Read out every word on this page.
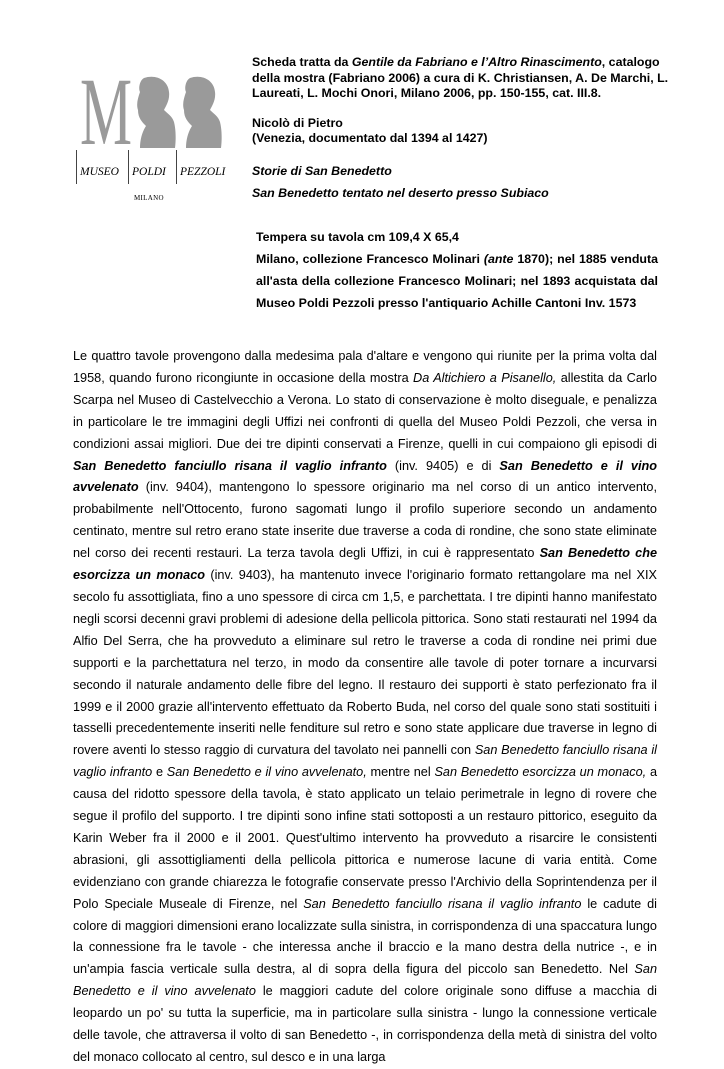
M
MUSEO POLDI PEZZOLI
MILANO

Scheda tratta da Gentile da Fabriano e l’Altro Rinascimento, catalogo della mostra (Fabriano 2006) a cura di K. Christiansen, A. De Marchi, L. Laureati, L. Mochi Onori, Milano 2006, pp. 150-155, cat. III.8.

Nicolò di Pietro

(Venezia, documentato dal 1394 al 1427)

Storie di San Benedetto

San Benedetto tentato nel deserto presso Subiaco

Tempera su tavola cm 109,4 X 65,4

Milano, collezione Francesco Molinari (ante 1870); nel 1885 venduta all'asta della collezione Francesco Molinari; nel 1893 acquistata dal Museo Poldi Pezzoli presso l'antiquario Achille Cantoni Inv. 1573

Le quattro tavole provengono dalla medesima pala d'altare e vengono qui riunite per la prima volta dal 1958, quando furono ricongiunte in occasione della mostra Da Altichiero a Pisanello, allestita da Carlo Scarpa nel Museo di Castelvecchio a Verona. Lo stato di conservazione è molto diseguale, e penalizza in particolare le tre immagini degli Uffizi nei confronti di quella del Museo Poldi Pezzoli, che versa in condizioni assai migliori. Due dei tre dipinti conservati a Firenze, quelli in cui compaiono gli episodi di San Benedetto fanciullo risana il vaglio infranto (inv. 9405) e di San Benedetto e il vino avvelenato (inv. 9404), mantengono lo spessore originario ma nel corso di un antico intervento, probabilmente nell'Ottocento, furono sagomati lungo il profilo superiore secondo un andamento centinato, mentre sul retro erano state inserite due traverse a coda di rondine, che sono state eliminate nel corso dei recenti restauri. La terza tavola degli Uffizi, in cui è rappresentato San Benedetto che esorcizza un monaco (inv. 9403), ha mantenuto invece l'originario formato rettangolare ma nel XIX secolo fu assottigliata, fino a uno spessore di circa cm 1,5, e parchettata. I tre dipinti hanno manifestato negli scorsi decenni gravi problemi di adesione della pellicola pittorica. Sono stati restaurati nel 1994 da Alfio Del Serra, che ha provveduto a eliminare sul retro le traverse a coda di rondine nei primi due supporti e la parchettatura nel terzo, in modo da consentire alle tavole di poter tornare a incurvarsi secondo il naturale andamento delle fibre del legno. Il restauro dei supporti è stato perfezionato fra il 1999 e il 2000 grazie all'intervento effettuato da Roberto Buda, nel corso del quale sono stati sostituiti i tasselli precedentemente inseriti nelle fenditure sul retro e sono state applicare due traverse in legno di rovere aventi lo stesso raggio di curvatura del tavolato nei pannelli con San Benedetto fanciullo risana il vaglio infranto e San Benedetto e il vino avvelenato, mentre nel San Benedetto esorcizza un monaco, a causa del ridotto spessore della tavola, è stato applicato un telaio perimetrale in legno di rovere che segue il profilo del supporto. I tre dipinti sono infine stati sottoposti a un restauro pittorico, eseguito da Karin Weber fra il 2000 e il 2001. Quest'ultimo intervento ha provveduto a risarcire le consistenti abrasioni, gli assottigliamenti della pellicola pittorica e numerose lacune di varia entità. Come evidenziano con grande chiarezza le fotografie conservate presso l'Archivio della Soprintendenza per il Polo Speciale Museale di Firenze, nel San Benedetto fanciullo risana il vaglio infranto le cadute di colore di maggiori dimensioni erano localizzate sulla sinistra, in corrispondenza di una spaccatura lungo la connessione fra le tavole - che interessa anche il braccio e la mano destra della nutrice -, e in un'ampia fascia verticale sulla destra, al di sopra della figura del piccolo san Benedetto. Nel San Benedetto e il vino avvelenato le maggiori cadute del colore originale sono diffuse a macchia di leopardo un po' su tutta la superficie, ma in particolare sulla sinistra - lungo la connessione verticale delle tavole, che attraversa il volto di san Benedetto -, in corrispondenza della metà di sinistra del volto del monaco collocato al centro, sul desco e in una larga
